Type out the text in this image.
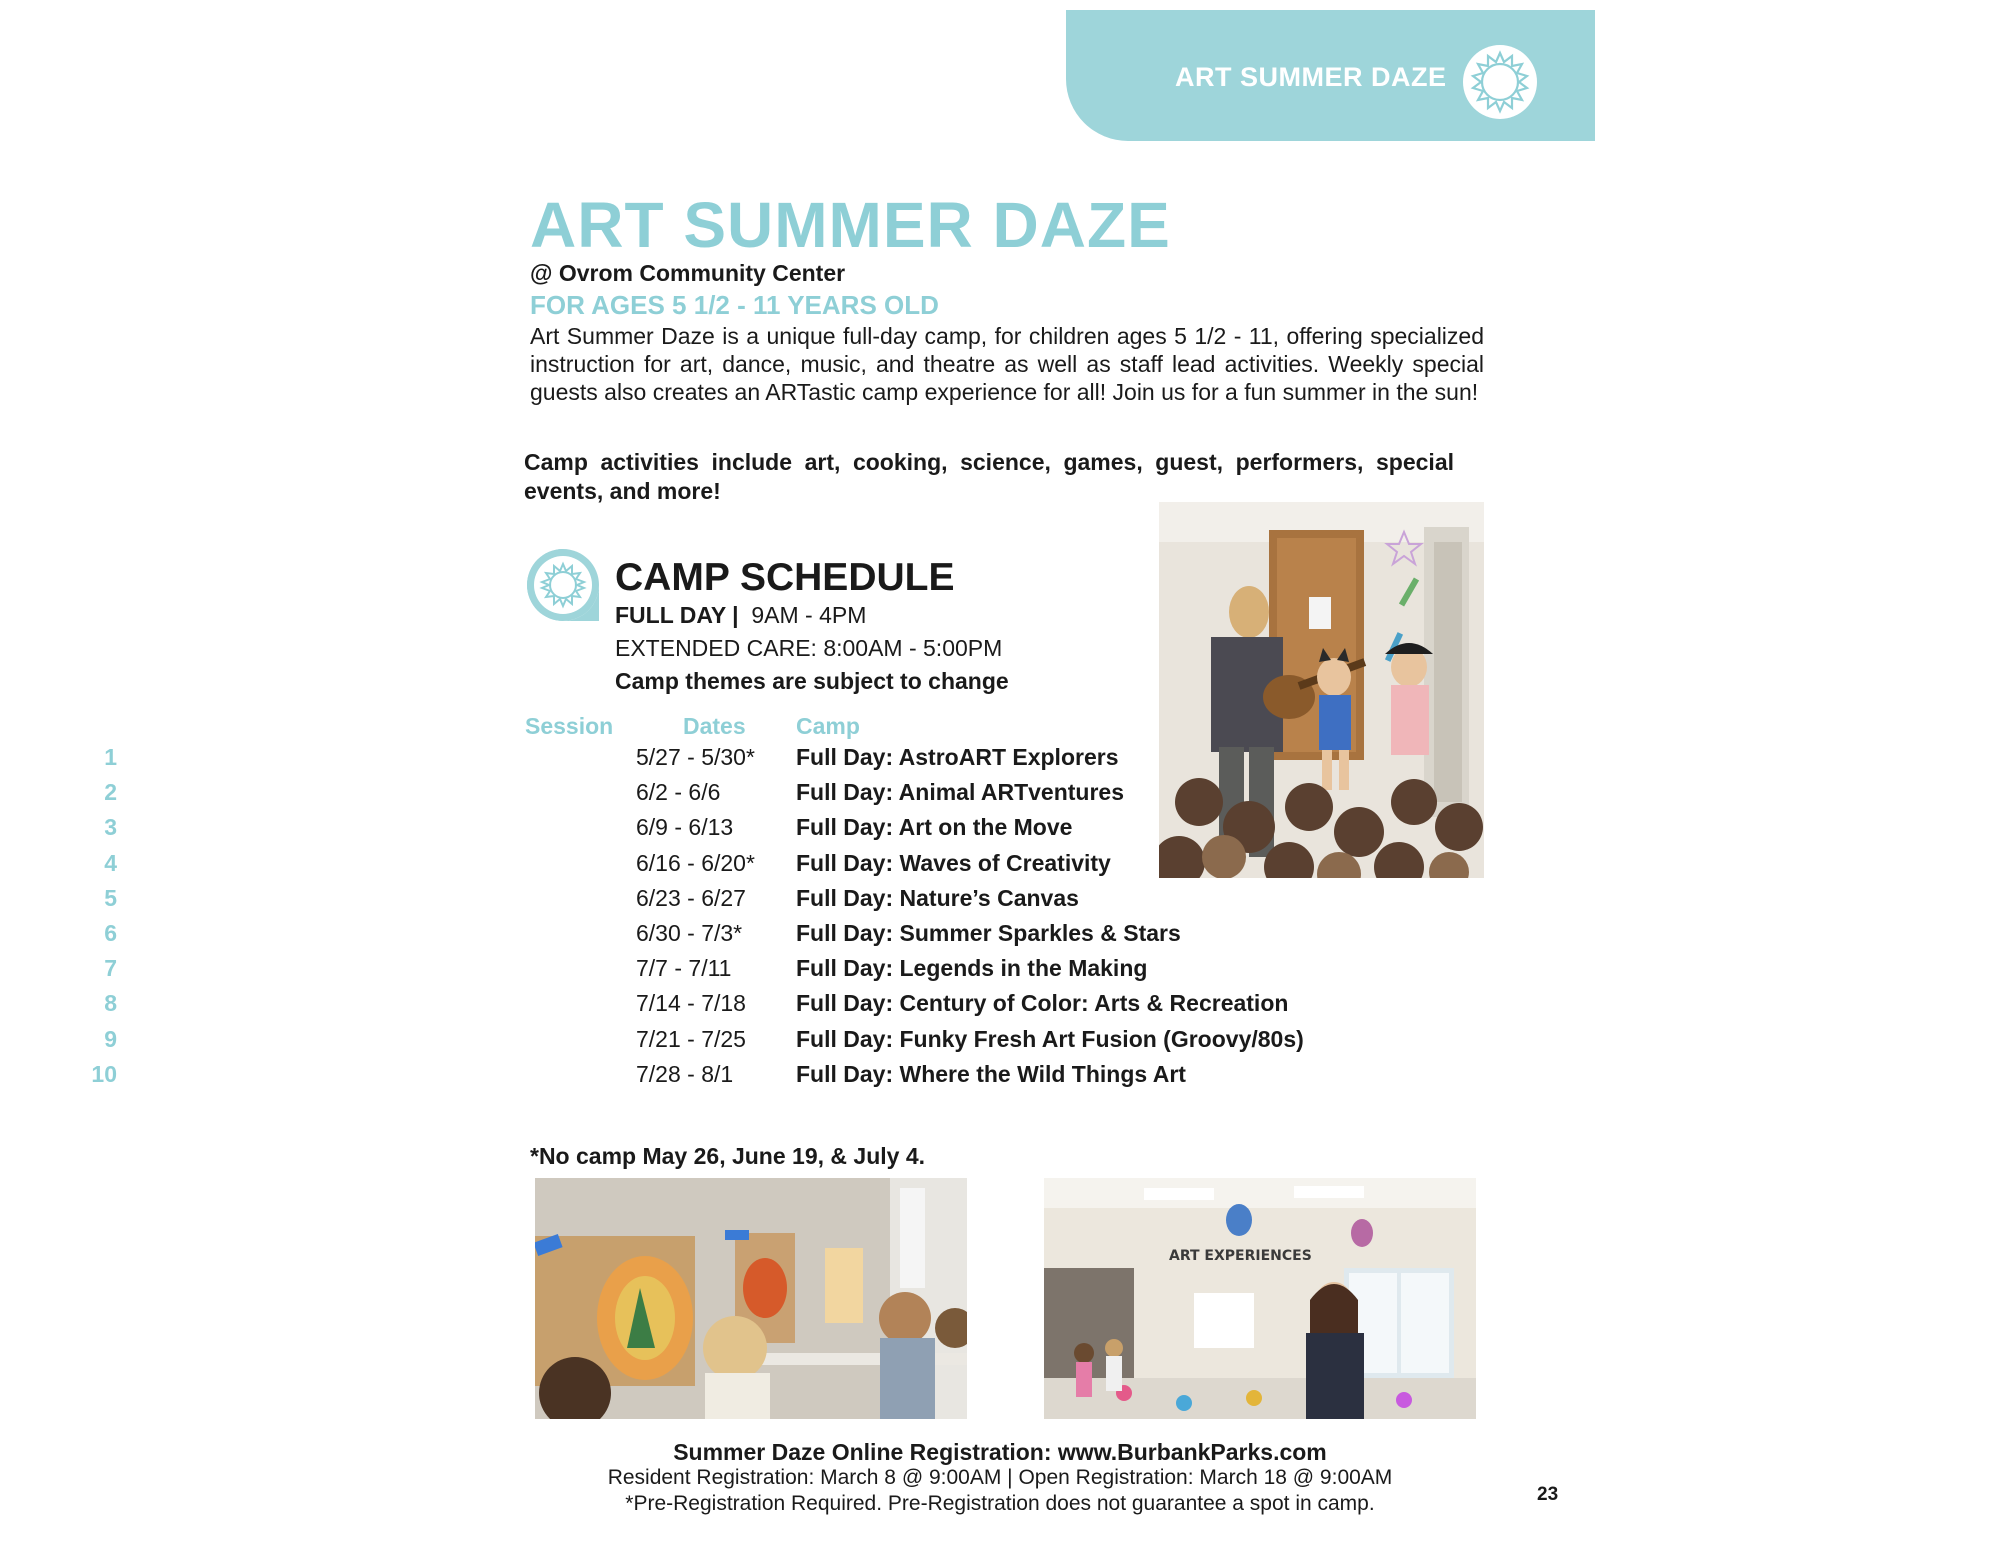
ART SUMMER DAZE
ART SUMMER DAZE
@ Ovrom Community Center
FOR AGES 5 1/2 - 11 YEARS OLD
Art Summer Daze is a unique full-day camp, for children ages 5 1/2 - 11, offering specialized instruction for art, dance, music, and theatre as well as staff lead activities. Weekly special guests also creates an ARTastic camp experience for all! Join us for a fun summer in the sun!
Camp activities include art, cooking, science, games, guest, performers, special events, and more!
CAMP SCHEDULE
FULL DAY | 9AM - 4PM
EXTENDED CARE: 8:00AM - 5:00PM
Camp themes are subject to change
Session	Dates Camp
1	5/27 - 5/30* Full Day: AstroART Explorers
2	6/2 - 6/6	Full Day: Animal ARTventures
3	6/9 - 6/13	Full Day: Art on the Move
4	6/16 - 6/20* Full Day: Waves of Creativity
5	6/23 - 6/27 Full Day: Nature’s Canvas
6	6/30 - 7/3* Full Day: Summer Sparkles & Stars
7	7/7 - 7/11	Full Day: Legends in the Making
8	7/14 - 7/18 Full Day: Century of Color: Arts & Recreation
9	7/21 - 7/25 Full Day: Funky Fresh Art Fusion (Groovy/80s)
10	7/28 - 8/1	Full Day: Where the Wild Things Art
*No camp May 26, June 19, & July 4.
ART EXPERIENCES
Summer Daze Online Registration: www.BurbankParks.com
Resident Registration: March 8 @ 9:00AM | Open Registration: March 18 @ 9:00AM
*Pre-Registration Required. Pre-Registration does not guarantee a spot in camp.	23
